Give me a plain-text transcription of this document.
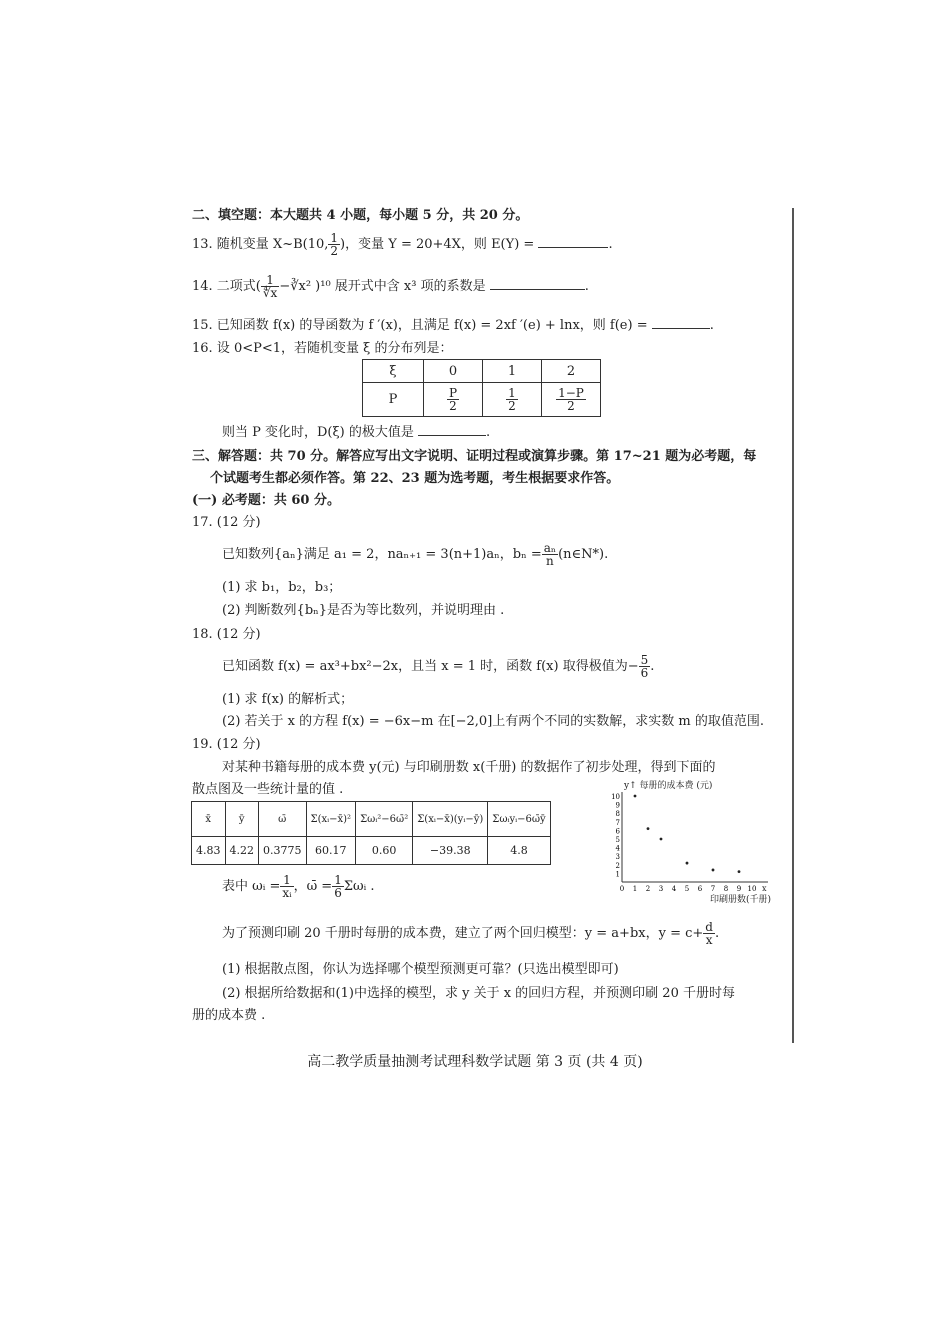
二、填空题：本大题共 4 小题，每小题 5 分，共 20 分。
13. 随机变量 X~B(10, $\frac{1}{2}$ )，变量 Y = 20+4X，则 E(Y) =	.
14. 二项式( $\frac{1}{∜x}$ −∛x² )¹⁰ 展开式中含 x³ 项的系数是	.
15. 已知函数 f(x) 的导函数为 f ′(x)，且满足 f(x) = 2xf ′(e) + lnx，则 f(e) =	.
16. 设 0<P<1，若随机变量 ξ 的分布列是：
ξ	0	1	2
P	$\frac{P}{2}$	$\frac{1}{2}$	$\frac{1-P}{2}$
则当 P 变化时，D(ξ) 的极大值是	.
三、解答题：共 70 分。解答应写出文字说明、证明过程或演算步骤。第 17~21 题为必考题，每
个试题考生都必须作答。第 22、23 题为选考题，考生根据要求作答。
(一) 必考题：共 60 分。
17. (12 分)
已知数列{aₙ}满足 a₁ = 2，naₙ₊₁ = 3(n+1)aₙ，$b_n = \frac{\text{aₙ}}{n}$ (n∈N*).
(1) 求 b₁，b₂，b₃；
(2) 判断数列{bₙ}是否为等比数列，并说明理由 .
18. (12 分)
已知函数 f(x) = ax³+bx²−2x，且当 x = 1 时，函数 f(x) 取得极值为− $\frac{5}{6}$ .
(1) 求 f(x) 的解析式；
(2) 若关于 x 的方程 f(x) = −6x−m 在[−2,0]上有两个不同的实数解，求实数 m 的取值范围.
19. (12 分)
对某种书籍每册的成本费 y(元) 与印刷册数 x(千册) 的数据作了初步处理，得到下面的
散点图及一些统计量的值 .
x̄	ȳ	ω̄	Σ(xᵢ−x̄)²	Σωᵢ²−6ω̄²	Σ(xᵢ−x̄)(yᵢ−ȳ)	Σωᵢyᵢ−6ω̄ȳ
4.83	4.22	0.3775	60.17	0.60	−39.38	4.8
表中 ωᵢ = $\frac{1}{\text{xᵢ}}$ ，ω̄ = $\frac{1}{6}$ Σωᵢ .
为了预测印刷 20 千册时每册的成本费，建立了两个回归模型：y = a+bx，$y = c+ \frac{d}{x}$ .
(1) 根据散点图，你认为选择哪个模型预测更可靠？(只选出模型即可)
(2) 根据所给数据和(1)中选择的模型，求 y 关于 x 的回归方程，并预测印刷 20 千册时每
册的成本费 .
y↑ 每册的成本费 (元)
10
9
8
7
6
5
4
3
2
1
0 1 2 3 4 5 6 7 8 9 10 x
印刷册数(千册)
高二教学质量抽测考试理科数学试题 第 3 页 (共 4 页)
